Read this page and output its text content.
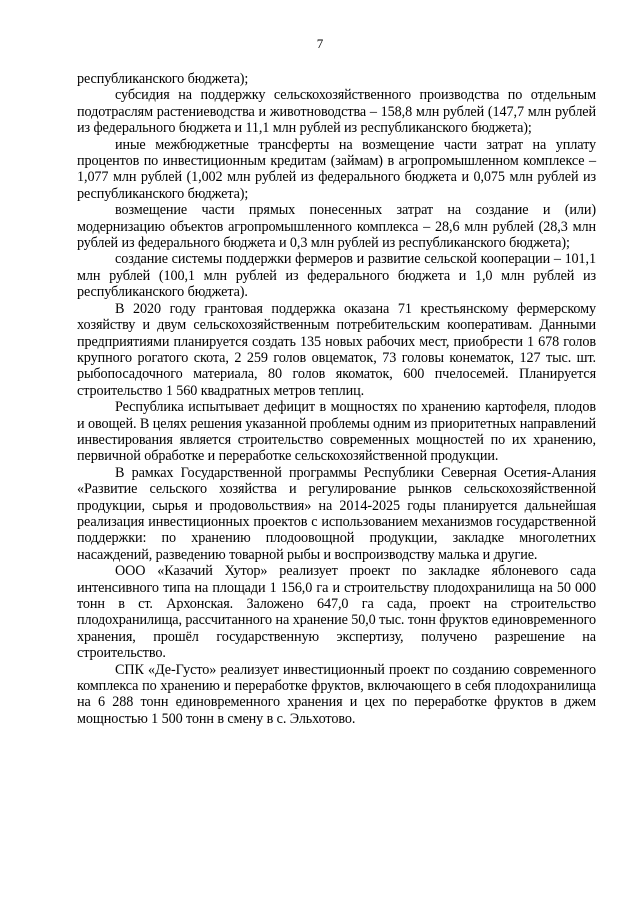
7

республиканского бюджета);

субсидия на поддержку сельскохозяйственного производства по отдельным подотраслям растениеводства и животноводства – 158,8 млн рублей (147,7 млн рублей из федерального бюджета и 11,1 млн рублей из республиканского бюджета);

иные межбюджетные трансферты на возмещение части затрат на уплату процентов по инвестиционным кредитам (займам) в агропромышленном комплексе – 1,077 млн рублей (1,002 млн рублей из федерального бюджета и 0,075 млн рублей из республиканского бюджета);

возмещение части прямых понесенных затрат на создание и (или) модернизацию объектов агропромышленного комплекса – 28,6 млн рублей (28,3 млн рублей из федерального бюджета и 0,3 млн рублей из республиканского бюджета);

создание системы поддержки фермеров и развитие сельской кооперации – 101,1 млн рублей (100,1 млн рублей из федерального бюджета и 1,0 млн рублей из республиканского бюджета).

В 2020 году грантовая поддержка оказана 71 крестьянскому фермерскому хозяйству и двум сельскохозяйственным потребительским кооперативам. Данными предприятиями планируется создать 135 новых рабочих мест, приобрести 1 678 голов крупного рогатого скота, 2 259 голов овцематок, 73 головы конематок, 127 тыс. шт. рыбопосадочного материала, 80 голов якоматок, 600 пчелосемей. Планируется строительство 1 560 квадратных метров теплиц.

Республика испытывает дефицит в мощностях по хранению картофеля, плодов и овощей. В целях решения указанной проблемы одним из приоритетных направлений инвестирования является строительство современных мощностей по их хранению, первичной обработке и переработке сельскохозяйственной продукции.

В рамках Государственной программы Республики Северная Осетия-Алания «Развитие сельского хозяйства и регулирование рынков сельскохозяйственной продукции, сырья и продовольствия» на 2014-2025 годы планируется дальнейшая реализация инвестиционных проектов с использованием механизмов государственной поддержки: по хранению плодоовощной продукции, закладке многолетних насаждений, разведению товарной рыбы и воспроизводству малька и другие.

ООО «Казачий Хутор» реализует проект по закладке яблоневого сада интенсивного типа на площади 1 156,0 га и строительству плодохранилища на 50 000 тонн в ст. Архонская. Заложено 647,0 га сада, проект на строительство плодохранилища, рассчитанного на хранение 50,0 тыс. тонн фруктов единовременного хранения, прошёл государственную экспертизу, получено разрешение на строительство.

СПК «Де-Густо» реализует инвестиционный проект по созданию современного комплекса по хранению и переработке фруктов, включающего в себя плодохранилища на 6 288 тонн единовременного хранения и цех по переработке фруктов в джем мощностью 1 500 тонн в смену в с. Эльхотово.
